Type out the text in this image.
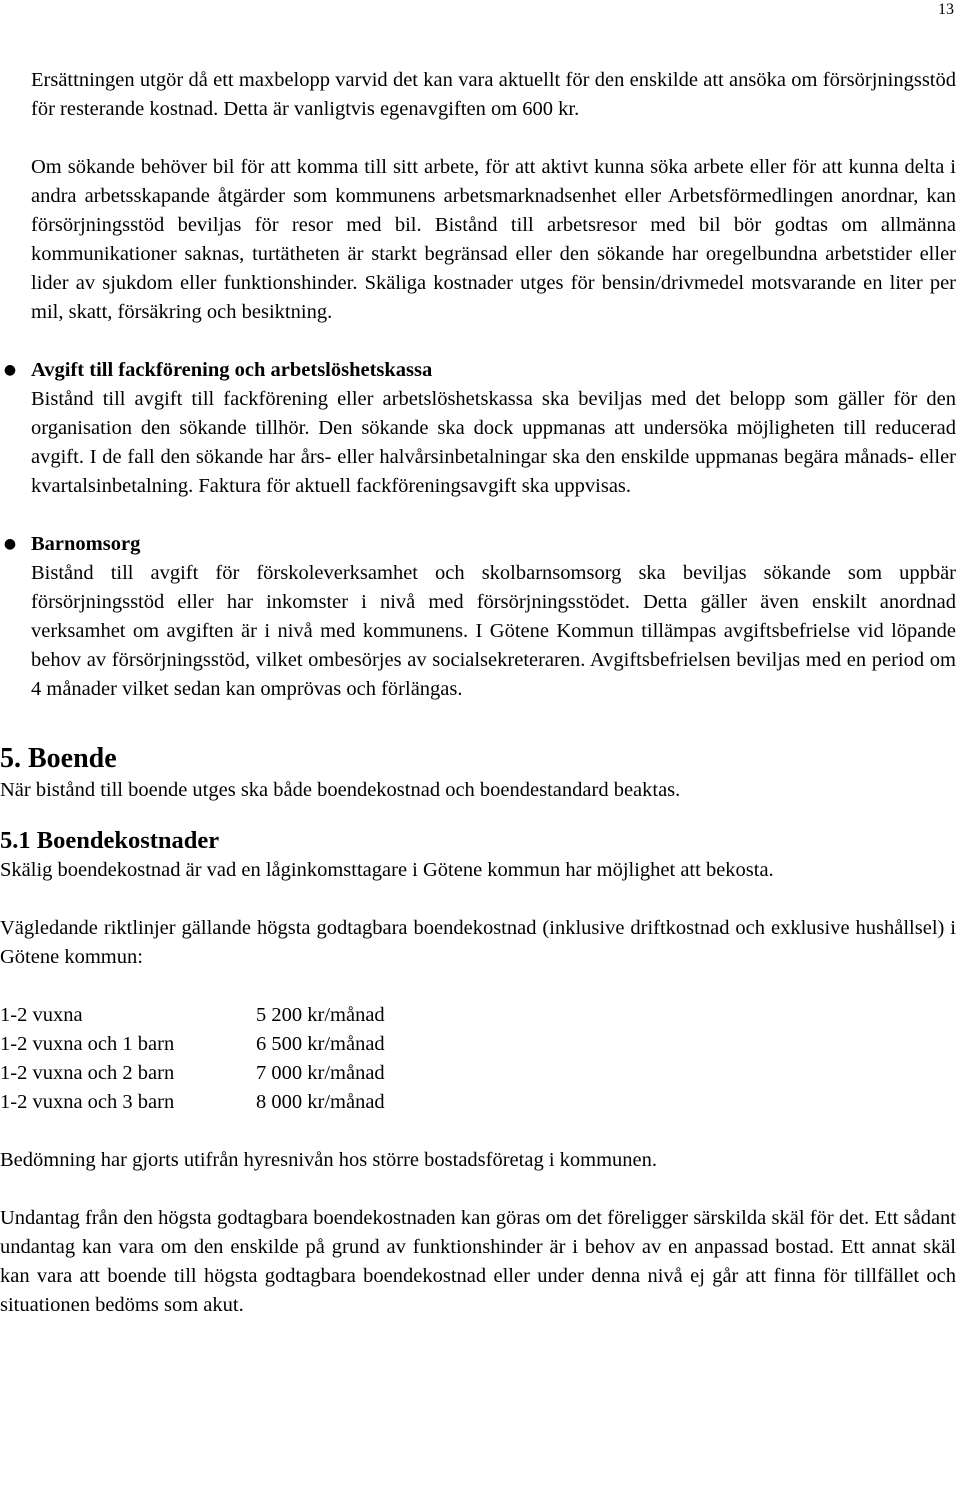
13

Ersättningen utgör då ett maxbelopp varvid det kan vara aktuellt för den enskilde att ansöka om försörjningsstöd för resterande kostnad. Detta är vanligtvis egenavgiften om 600 kr.

Om sökande behöver bil för att komma till sitt arbete, för att aktivt kunna söka arbete eller för att kunna delta i andra arbetsskapande åtgärder som kommunens arbetsmarknadsenhet eller Arbetsförmedlingen anordnar, kan försörjningsstöd beviljas för resor med bil. Bistånd till arbetsresor med bil bör godtas om allmänna kommunikationer saknas, turtätheten är starkt begränsad eller den sökande har oregelbundna arbetstider eller lider av sjukdom eller funktionshinder. Skäliga kostnader utges för bensin/drivmedel motsvarande en liter per mil, skatt, försäkring och besiktning.

● Avgift till fackförening och arbetslöshetskassa

Bistånd till avgift till fackförening eller arbetslöshetskassa ska beviljas med det belopp som gäller för den organisation den sökande tillhör. Den sökande ska dock uppmanas att undersöka möjligheten till reducerad avgift. I de fall den sökande har års- eller halvårsinbetalningar ska den enskilde uppmanas begära månads- eller kvartalsinbetalning. Faktura för aktuell fackföreningsavgift ska uppvisas.

● Barnomsorg

Bistånd till avgift för förskoleverksamhet och skolbarnsomsorg ska beviljas sökande som uppbär försörjningsstöd eller har inkomster i nivå med försörjningsstödet. Detta gäller även enskilt anordnad verksamhet om avgiften är i nivå med kommunens. I Götene Kommun tillämpas avgiftsbefrielse vid löpande behov av försörjningsstöd, vilket ombesörjes av socialsekreteraren. Avgiftsbefrielsen beviljas med en period om 4 månader vilket sedan kan omprövas och förlängas.

5. Boende

När bistånd till boende utges ska både boendekostnad och boendestandard beaktas.

5.1 Boendekostnader

Skälig boendekostnad är vad en låginkomsttagare i Götene kommun har möjlighet att bekosta.

Vägledande riktlinjer gällande högsta godtagbara boendekostnad (inklusive driftkostnad och exklusive hushållsel) i Götene kommun:

1-2 vuxna	5 200 kr/månad
1-2 vuxna och 1 barn	6 500 kr/månad
1-2 vuxna och 2 barn	7 000 kr/månad
1-2 vuxna och 3 barn	8 000 kr/månad

Bedömning har gjorts utifrån hyresnivån hos större bostadsföretag i kommunen.

Undantag från den högsta godtagbara boendekostnaden kan göras om det föreligger särskilda skäl för det. Ett sådant undantag kan vara om den enskilde på grund av funktionshinder är i behov av en anpassad bostad. Ett annat skäl kan vara att boende till högsta godtagbara boendekostnad eller under denna nivå ej går att finna för tillfället och situationen bedöms som akut.
